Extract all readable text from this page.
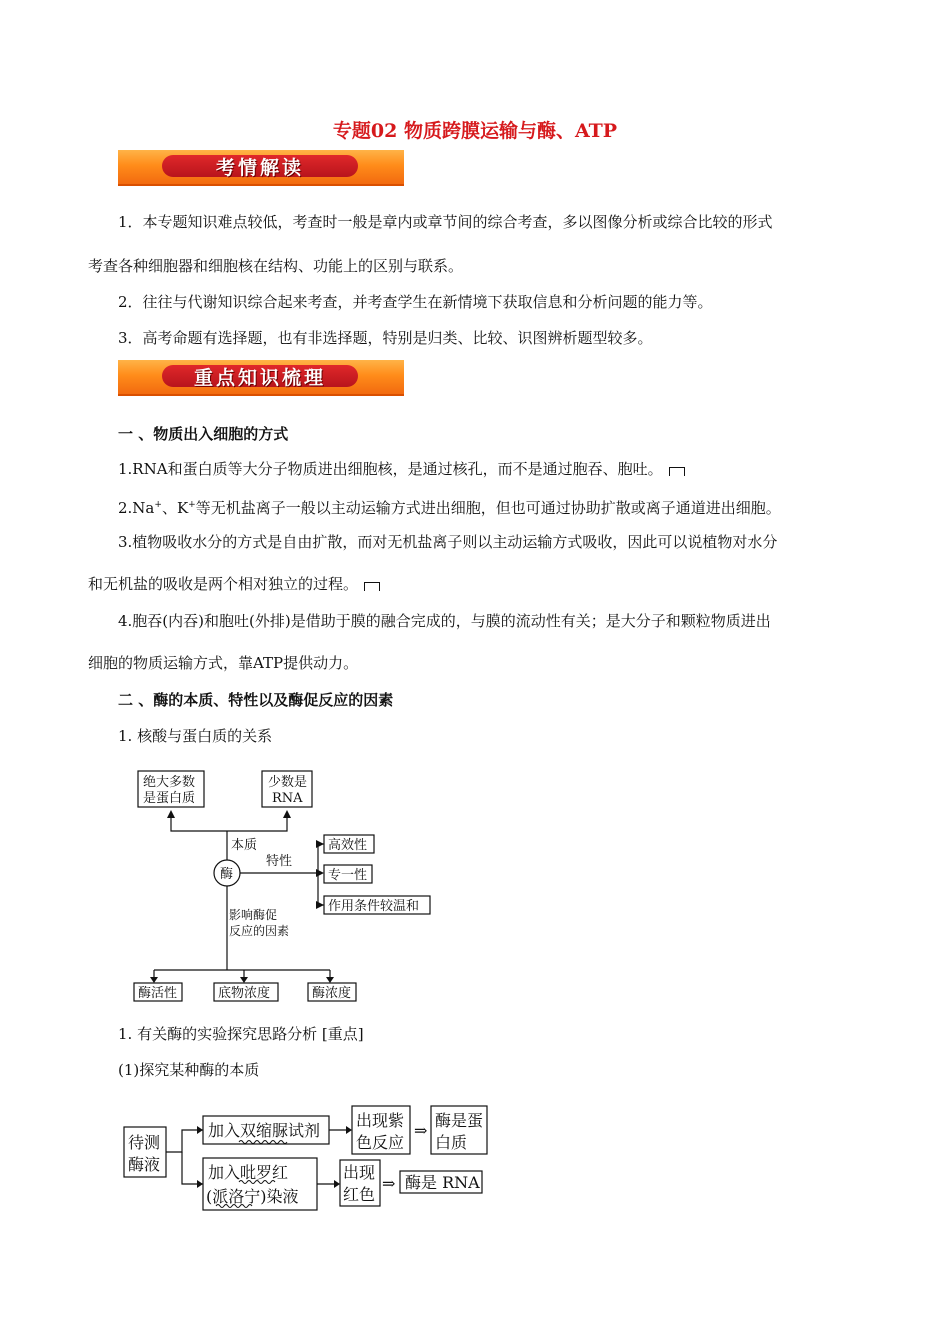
专题02 物质跨膜运输与酶、ATP
考情解读
1．本专题知识难点较低，考查时一般是章内或章节间的综合考查，多以图像分析或综合比较的形式
考查各种细胞器和细胞核在结构、功能上的区别与联系。
2．往往与代谢知识综合起来考查，并考查学生在新情境下获取信息和分析问题的能力等。
3．高考命题有选择题，也有非选择题，特别是归类、比较、识图辨析题型较多。
重点知识梳理
一 、物质出入细胞的方式
1.RNA和蛋白质等大分子物质进出细胞核，是通过核孔，而不是通过胞吞、胞吐。
2.Na+、K+等无机盐离子一般以主动运输方式进出细胞，但也可通过协助扩散或离子通道进出细胞。
3.植物吸收水分的方式是自由扩散，而对无机盐离子则以主动运输方式吸收，因此可以说植物对水分
和无机盐的吸收是两个相对独立的过程。
4.胞吞(内吞)和胞吐(外排)是借助于膜的融合完成的，与膜的流动性有关；是大分子和颗粒物质进出
细胞的物质运输方式，靠ATP提供动力。
二 、酶的本质、特性以及酶促反应的因素
1. 核酸与蛋白质的关系
绝大多数
是蛋白质
少数是
RNA
本质
特性
酶
高效性
专一性
作用条件较温和
影响酶促
反应的因素
酶活性	底物浓度	酶浓度
1. 有关酶的实验探究思路分析 [重点]
(1)探究某种酶的本质
待测
酶液
加入双缩脲试剂
出现紫
色反应
⇒
酶是蛋
白质
加入吡罗红
(派洛宁)染液
出现
红色
⇒ 酶是 RNA
